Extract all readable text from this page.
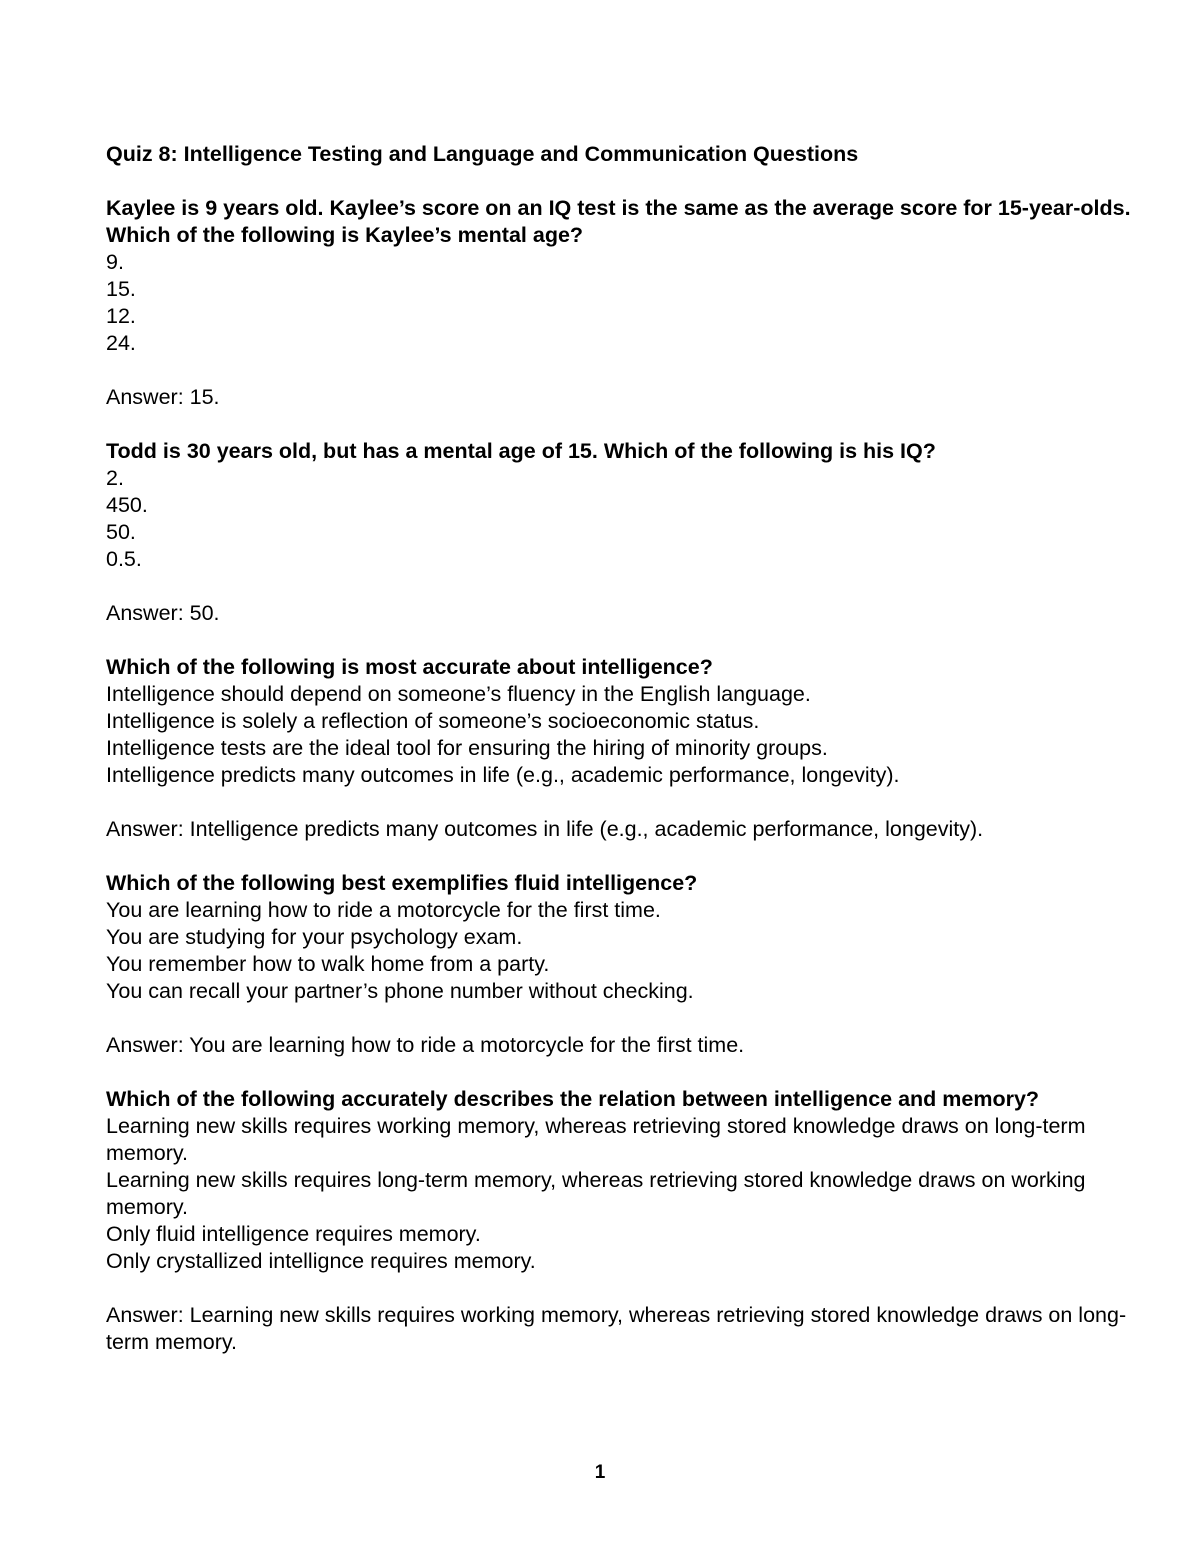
Quiz 8: Intelligence Testing and Language and Communication Questions
Kaylee is 9 years old. Kaylee’s score on an IQ test is the same as the average score for 15-year-olds. Which of the following is Kaylee’s mental age?
9.
15.
12.
24.
Answer: 15.
Todd is 30 years old, but has a mental age of 15. Which of the following is his IQ?
2.
450.
50.
0.5.
Answer: 50.
Which of the following is most accurate about intelligence?
Intelligence should depend on someone’s fluency in the English language.
Intelligence is solely a reflection of someone’s socioeconomic status.
Intelligence tests are the ideal tool for ensuring the hiring of minority groups.
Intelligence predicts many outcomes in life (e.g., academic performance, longevity).
Answer: Intelligence predicts many outcomes in life (e.g., academic performance, longevity).
Which of the following best exemplifies fluid intelligence?
You are learning how to ride a motorcycle for the first time.
You are studying for your psychology exam.
You remember how to walk home from a party.
You can recall your partner’s phone number without checking.
Answer: You are learning how to ride a motorcycle for the first time.
Which of the following accurately describes the relation between intelligence and memory?
Learning new skills requires working memory, whereas retrieving stored knowledge draws on long-term memory.
Learning new skills requires long-term memory, whereas retrieving stored knowledge draws on working memory.
Only fluid intelligence requires memory.
Only crystallized intellignce requires memory.
Answer: Learning new skills requires working memory, whereas retrieving stored knowledge draws on long-term memory.
1
